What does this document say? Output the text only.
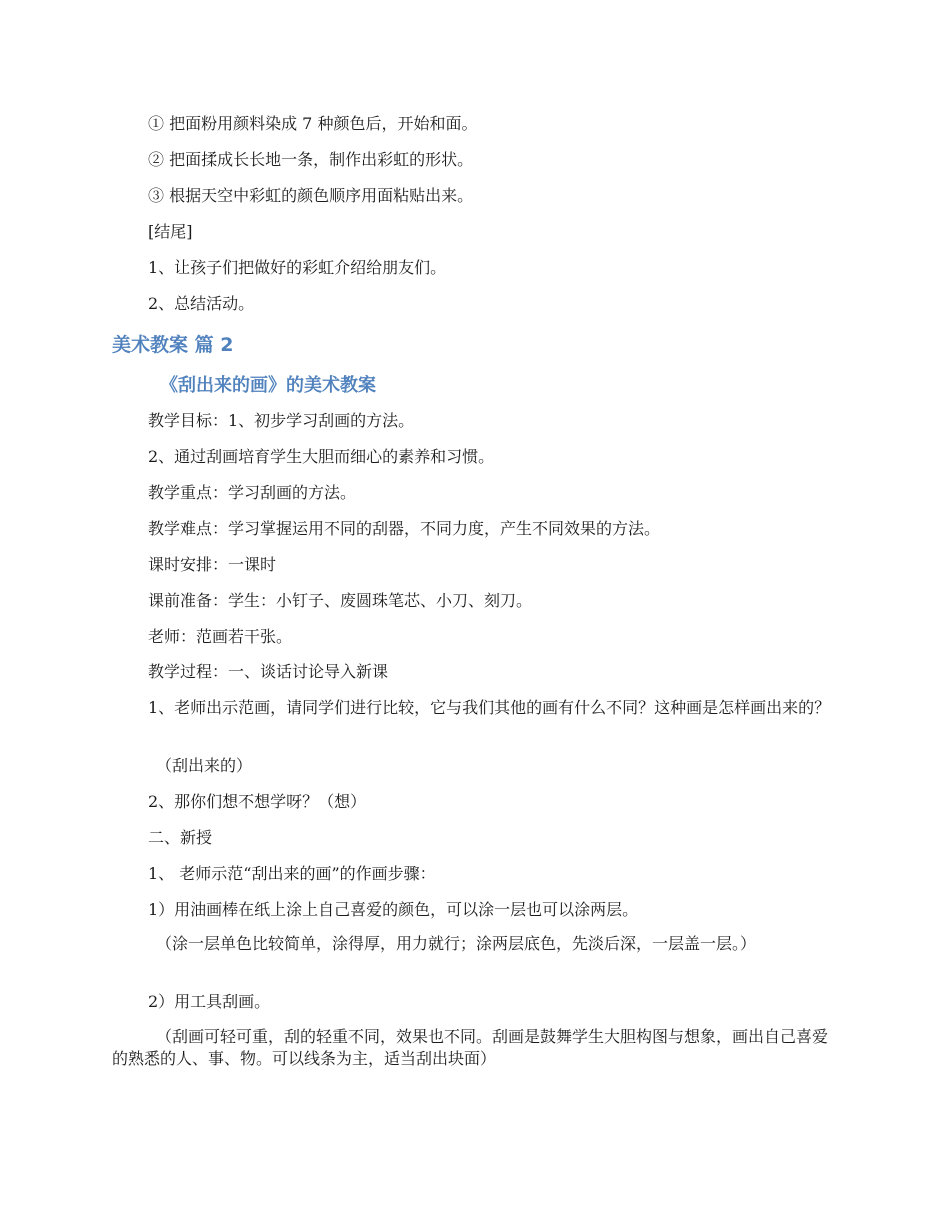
① 把面粉用颜料染成 7 种颜色后，开始和面。
② 把面揉成长长地一条，制作出彩虹的形状。
③ 根据天空中彩虹的颜色顺序用面粘贴出来。
[结尾]
1、让孩子们把做好的彩虹介绍给朋友们。
2、总结活动。
美术教案 篇 2
《刮出来的画》的美术教案
教学目标：1、初步学习刮画的方法。
2、通过刮画培育学生大胆而细心的素养和习惯。
教学重点：学习刮画的方法。
教学难点：学习掌握运用不同的刮器，不同力度，产生不同效果的方法。
课时安排：一课时
课前准备：学生：小钉子、废圆珠笔芯、小刀、刻刀。
老师：范画若干张。
教学过程：一、谈话讨论导入新课
1、老师出示范画，请同学们进行比较，它与我们其他的画有什么不同？这种画是怎样画出来的？
（刮出来的）
2、那你们想不想学呀？（想）
二、新授
1、 老师示范“刮出来的画”的作画步骤：
1）用油画棒在纸上涂上自己喜爱的颜色，可以涂一层也可以涂两层。
（涂一层单色比较简单，涂得厚，用力就行；涂两层底色，先淡后深，一层盖一层。）
2）用工具刮画。
（刮画可轻可重，刮的轻重不同，效果也不同。刮画是鼓舞学生大胆构图与想象，画出自己喜爱的熟悉的人、事、物。可以线条为主，适当刮出块面）
